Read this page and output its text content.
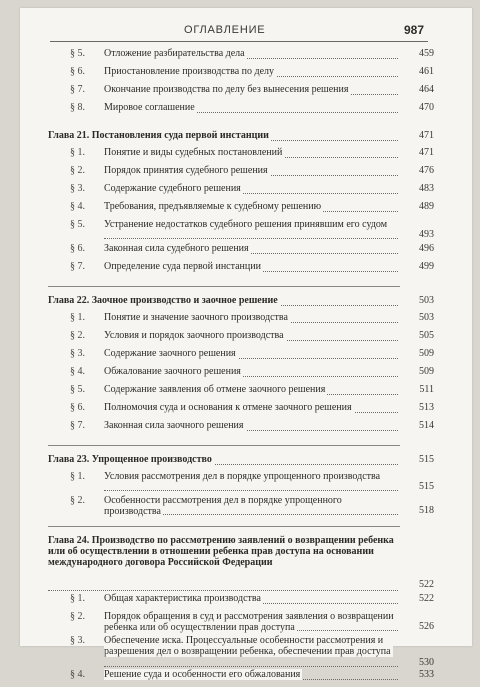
ОГЛАВЛЕНИЕ	987
§ 5.	Отложение разбирательства дела	459
§ 6.	Приостановление производства по делу	461
§ 7.	Окончание производства по делу без вынесения решения	464
§ 8.	Мировое соглашение	470
Глава 21. Постановления суда первой инстанции	471
§ 1.	Понятие и виды судебных постановлений	471
§ 2.	Порядок принятия судебного решения	476
§ 3.	Содержание судебного решения	483
§ 4.	Требования, предъявляемые к судебному решению	489
§ 5.	Устранение недостатков судебного решения принявшим его судом
493
§ 6.	Законная сила судебного решения	496
§ 7.	Определение суда первой инстанции	499
Глава 22. Заочное производство и заочное решение	503
§ 1.	Понятие и значение заочного производства	503
§ 2.	Условия и порядок заочного производства	505
§ 3.	Содержание заочного решения	509
§ 4.	Обжалование заочного решения	509
§ 5.	Содержание заявления об отмене заочного решения	511
§ 6.	Полномочия суда и основания к отмене заочного решения	513
§ 7.	Законная сила заочного решения	514
Глава 23. Упрощенное производство	515
§ 1.	Условия рассмотрения дел в порядке упрощенного производства
515
§ 2.	Особенности рассмотрения дел в порядке упрощенного производства	518
Глава 24. Производство по рассмотрению заявлений о возвращении ребенка или об осуществлении в отношении ребенка прав доступа на основании международного договора Российской Федерации
522
§ 1.	Общая характеристика производства	522
§ 2.	Порядок обращения в суд и рассмотрения заявления о возвращении ребенка или об осуществлении прав доступа	526
§ 3.	Обеспечение иска. Процессуальные особенности рассмотрения и разрешения дел о возвращении ребенка, обеспечении прав доступа
530
§ 4.	Решение суда и особенности его обжалования	533
